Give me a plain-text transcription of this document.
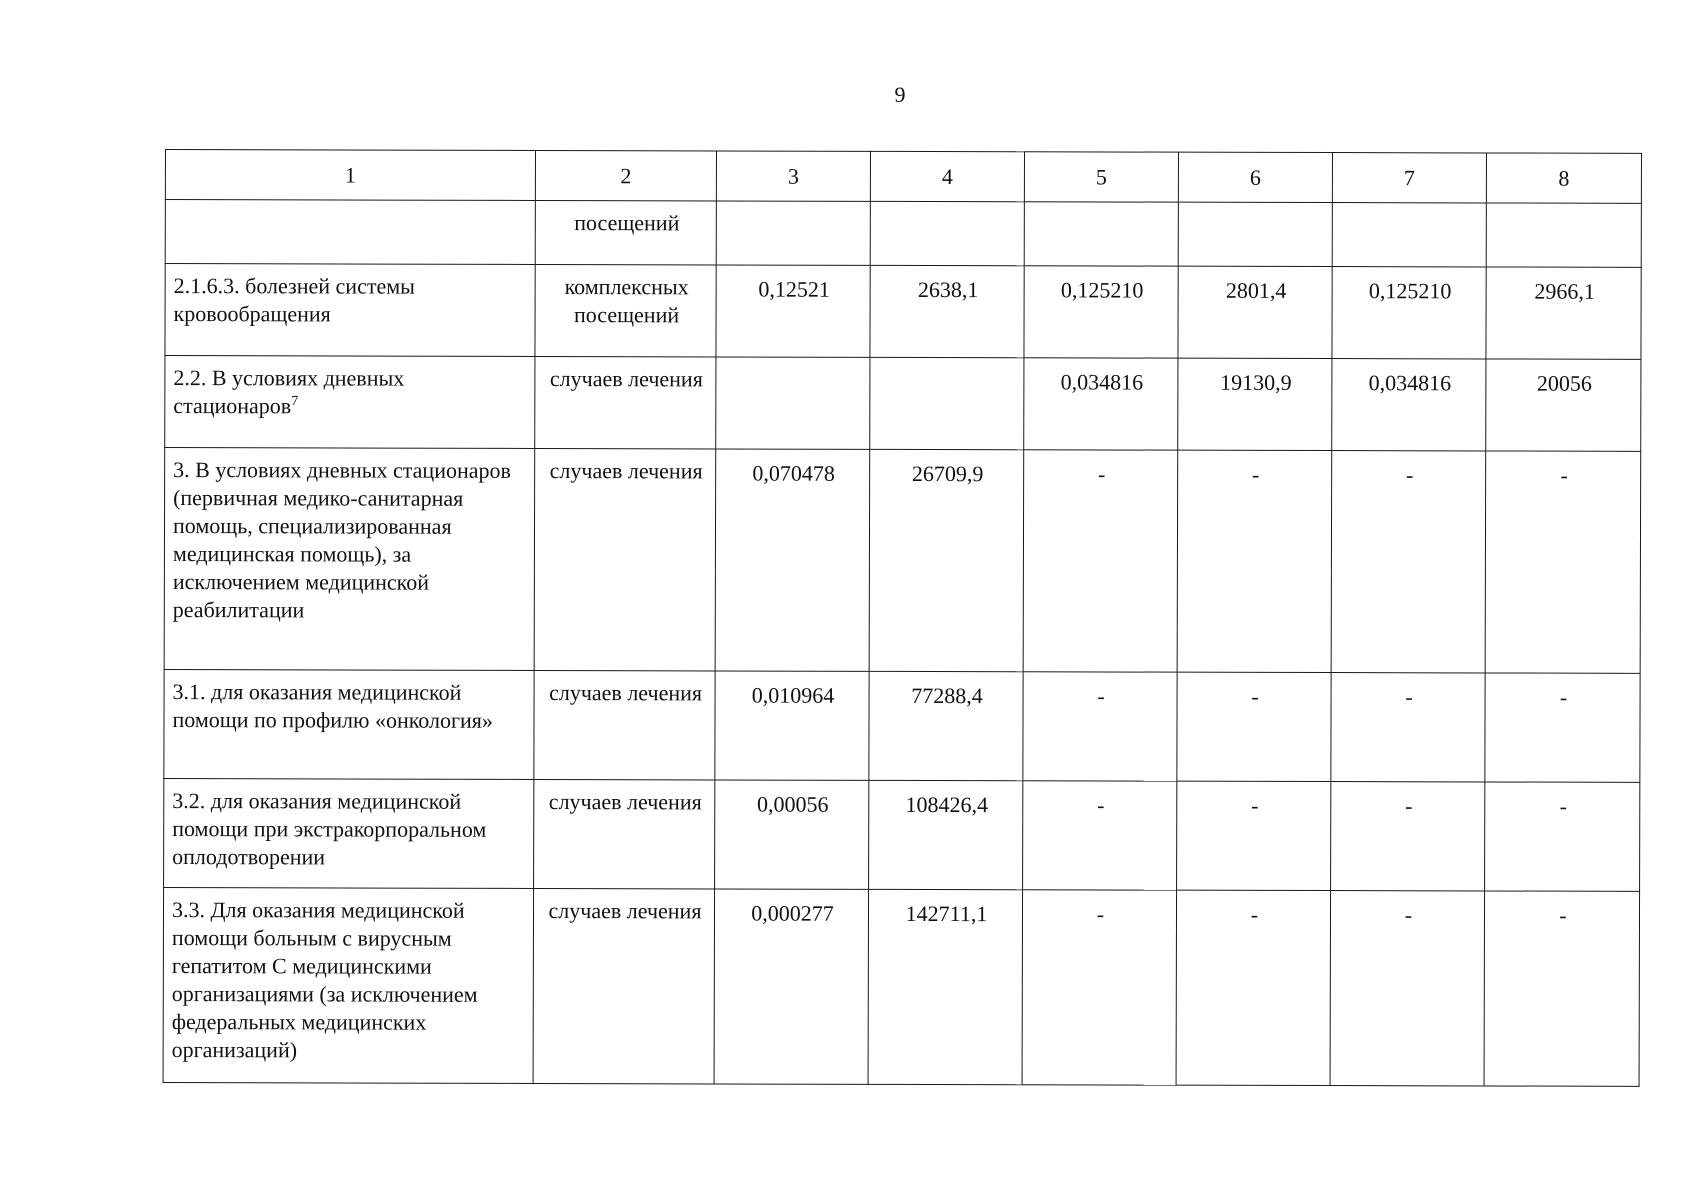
9
1	2	3	4	5	6	7	8
	посещений						
2.1.6.3. болезней системы кровообращения	комплексных посещений	0,12521	2638,1	0,125210	2801,4	0,125210	2966,1
2.2. В условиях дневных стационаров$^7$	случаев лечения			0,034816	19130,9	0,034816	20056
3. В условиях дневных стационаров (первичная медико-санитарная помощь, специализированная медицинская помощь), за исключением медицинской реабилитации	случаев лечения	0,070478	26709,9	-	-	-	-
3.1. для оказания медицинской помощи по профилю «онкология»	случаев лечения	0,010964	77288,4	-	-	-	-
3.2. для оказания медицинской помощи при экстракорпоральном оплодотворении	случаев лечения	0,00056	108426,4	-	-	-	-
3.3. Для оказания медицинской помощи больным с вирусным гепатитом С медицинскими организациями (за исключением федеральных медицинских организаций)	случаев лечения	0,000277	142711,1	-	-	-	-
